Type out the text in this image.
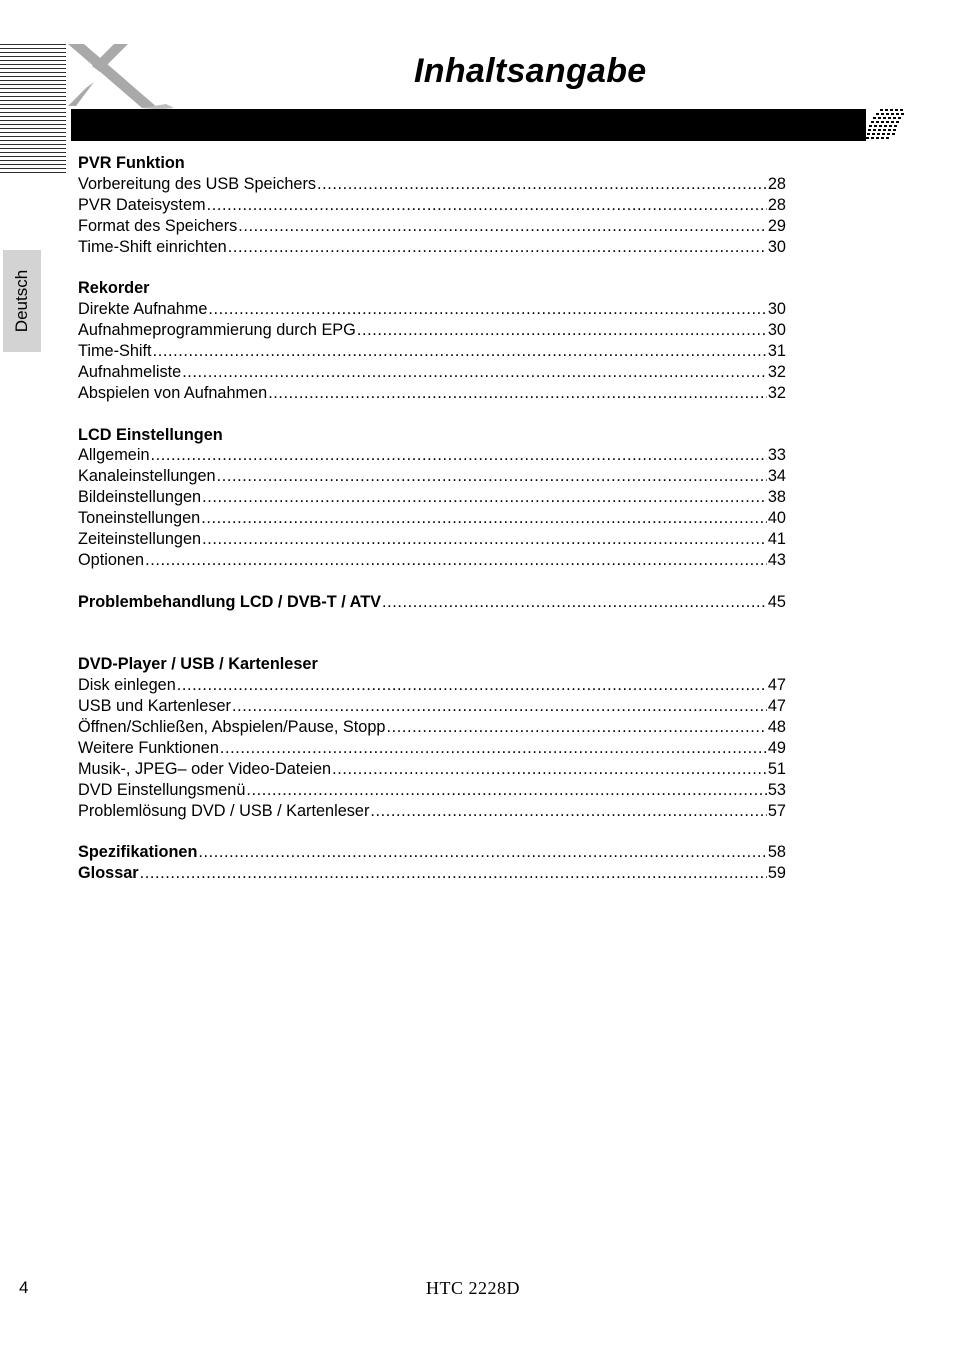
Inhaltsangabe
Deutsch
PVR Funktion
Vorbereitung des USB Speichers .....	28
PVR Dateisystem .....	28
Format des Speichers .....	29
Time-Shift einrichten .....	30
Rekorder
Direkte Aufnahme .....	30
Aufnahmeprogrammierung durch EPG .....	30
Time-Shift .....	31
Aufnahmeliste .....	32
Abspielen von Aufnahmen .....	32
LCD Einstellungen
Allgemein .....	33
Kanaleinstellungen .....	34
Bildeinstellungen .....	38
Toneinstellungen .....	40
Zeiteinstellungen .....	41
Optionen .....	43
Problembehandlung LCD / DVB-T / ATV .....	45
DVD-Player / USB / Kartenleser
Disk einlegen .....	47
USB und Kartenleser .....	47
Öffnen/Schließen, Abspielen/Pause, Stopp .....	48
Weitere Funktionen .....	49
Musik-, JPEG– oder Video-Dateien .....	51
DVD Einstellungsmenü .....	53
Problemlösung DVD / USB / Kartenleser .....	57
Spezifikationen .....	58
Glossar .....	59
4	HTC 2228D
